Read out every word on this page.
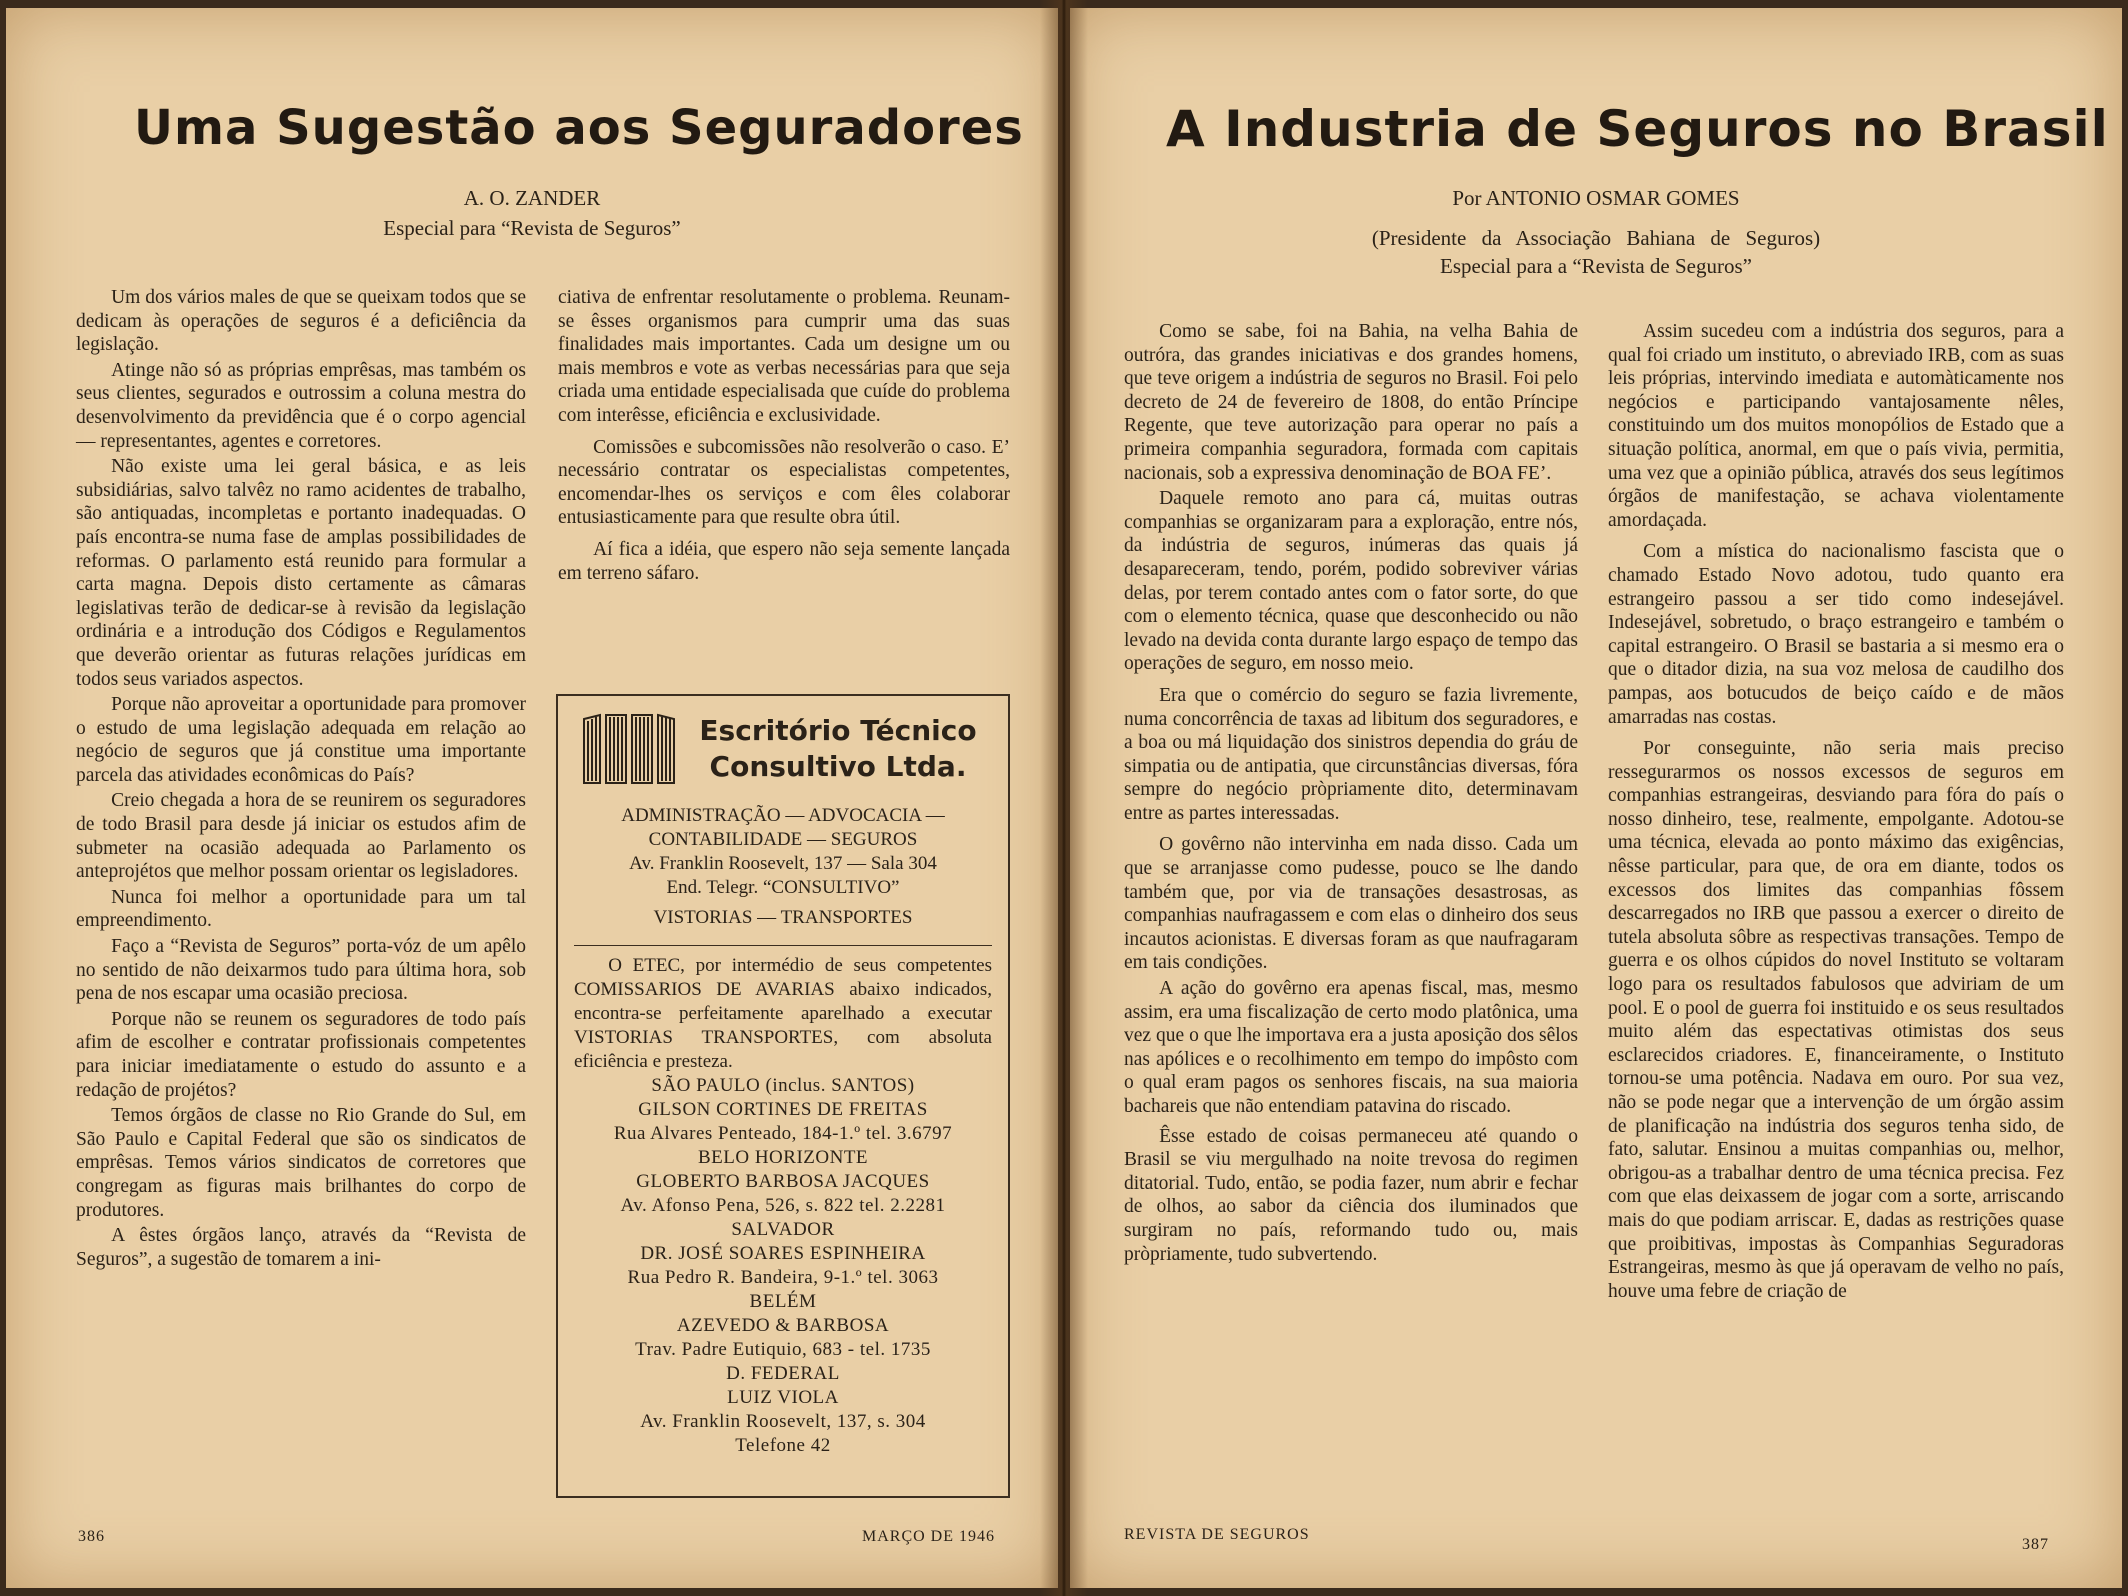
Uma Sugestão aos Seguradores
A. O. ZANDER
Especial para “Revista de Seguros”

Um dos vários males de que se queixam todos que se dedicam às operações de seguros é a deficiência da legislação.

Atinge não só as próprias emprêsas, mas também os seus clientes, segurados e outrossim a coluna mestra do desenvolvimento da previdência que é o corpo agencial — representantes, agentes e corretores.

Não existe uma lei geral básica, e as leis subsidiárias, salvo talvêz no ramo acidentes de trabalho, são antiquadas, incompletas e portanto inadequadas. O país encontra-se numa fase de amplas possibilidades de reformas. O parlamento está reunido para formular a carta magna. Depois disto certamente as câmaras legislativas terão de dedicar-se à revisão da legislação ordinária e a introdução dos Códigos e Regulamentos que deverão orientar as futuras relações jurídicas em todos seus variados aspectos.

Porque não aproveitar a oportunidade para promover o estudo de uma legislação adequada em relação ao negócio de seguros que já constitue uma importante parcela das atividades econômicas do País?

Creio chegada a hora de se reunirem os seguradores de todo Brasil para desde já iniciar os estudos afim de submeter na ocasião adequada ao Parlamento os anteprojétos que melhor possam orientar os legisladores.

Nunca foi melhor a oportunidade para um tal empreendimento.

Faço a “Revista de Seguros” porta-vóz de um apêlo no sentido de não deixarmos tudo para última hora, sob pena de nos escapar uma ocasião preciosa.

Porque não se reunem os seguradores de todo país afim de escolher e contratar profissionais competentes para iniciar imediatamente o estudo do assunto e a redação de projétos?

Temos órgãos de classe no Rio Grande do Sul, em São Paulo e Capital Federal que são os sindicatos de emprêsas. Temos vários sindicatos de corretores que congregam as figuras mais brilhantes do corpo de produtores.

A êstes órgãos lanço, através da “Revista de Seguros”, a sugestão de tomarem a ini-

ciativa de enfrentar resolutamente o problema. Reunam-se êsses organismos para cumprir uma das suas finalidades mais importantes. Cada um designe um ou mais membros e vote as verbas necessárias para que seja criada uma entidade especialisada que cuíde do problema com interêsse, eficiência e exclusividade.

Comissões e subcomissões não resolverão o caso. E’ necessário contratar os especialistas competentes, encomendar-lhes os serviços e com êles colaborar entusiasticamente para que resulte obra útil.

Aí fica a idéia, que espero não seja semente lançada em terreno sáfaro.

Escritório Técnico
Consultivo Ltda.
ADMINISTRAÇÃO — ADVOCACIA —
CONTABILIDADE — SEGUROS
Av. Franklin Roosevelt, 137 — Sala 304
End. Telegr. “CONSULTIVO”
VISTORIAS — TRANSPORTES
O ETEC, por intermédio de seus competentes COMISSARIOS DE AVARIAS abaixo indicados, encontra-se perfeitamente aparelhado a executar VISTORIAS TRANSPORTES, com absoluta eficiência e presteza.
SÃO PAULO (inclus. SANTOS)
GILSON CORTINES DE FREITAS
Rua Alvares Penteado, 184-1.º tel. 3.6797
BELO HORIZONTE
GLOBERTO BARBOSA JACQUES
Av. Afonso Pena, 526, s. 822 tel. 2.2281
SALVADOR
DR. JOSÉ SOARES ESPINHEIRA
Rua Pedro R. Bandeira, 9-1.º tel. 3063
BELÉM
AZEVEDO & BARBOSA
Trav. Padre Eutiquio, 683 - tel. 1735
D. FEDERAL
LUIZ VIOLA
Av. Franklin Roosevelt, 137, s. 304
Telefone 42
386	MARÇO DE 1946
A Industria de Seguros no Brasil
Por ANTONIO OSMAR GOMES
(Presidente da Associação Bahiana de Seguros)
Especial para a “Revista de Seguros”

Como se sabe, foi na Bahia, na velha Bahia de outróra, das grandes iniciativas e dos grandes homens, que teve origem a indústria de seguros no Brasil. Foi pelo decreto de 24 de fevereiro de 1808, do então Príncipe Regente, que teve autorização para operar no país a primeira companhia seguradora, formada com capitais nacionais, sob a expressiva denominação de BOA FE’.

Daquele remoto ano para cá, muitas outras companhias se organizaram para a exploração, entre nós, da indústria de seguros, inúmeras das quais já desapareceram, tendo, porém, podido sobreviver várias delas, por terem contado antes com o fator sorte, do que com o elemento técnica, quase que desconhecido ou não levado na devida conta durante largo espaço de tempo das operações de seguro, em nosso meio.

Era que o comércio do seguro se fazia livremente, numa concorrência de taxas ad libitum dos seguradores, e a boa ou má liquidação dos sinistros dependia do gráu de simpatia ou de antipatia, que circunstâncias diversas, fóra sempre do negócio pròpriamente dito, determinavam entre as partes interessadas.

O govêrno não intervinha em nada disso. Cada um que se arranjasse como pudesse, pouco se lhe dando também que, por via de transações desastrosas, as companhias naufragassem e com elas o dinheiro dos seus incautos acionistas. E diversas foram as que naufragaram em tais condições.

A ação do govêrno era apenas fiscal, mas, mesmo assim, era uma fiscalização de certo modo platônica, uma vez que o que lhe importava era a justa aposição dos sêlos nas apólices e o recolhimento em tempo do impôsto com o qual eram pagos os senhores fiscais, na sua maioria bachareis que não entendiam patavina do riscado.

Êsse estado de coisas permaneceu até quando o Brasil se viu mergulhado na noite trevosa do regimen ditatorial. Tudo, então, se podia fazer, num abrir e fechar de olhos, ao sabor da ciência dos iluminados que surgiram no país, reformando tudo ou, mais pròpriamente, tudo subvertendo.

Assim sucedeu com a indústria dos seguros, para a qual foi criado um instituto, o abreviado IRB, com as suas leis próprias, intervindo imediata e automàticamente nos negócios e participando vantajosamente nêles, constituindo um dos muitos monopólios de Estado que a situação política, anormal, em que o país vivia, permitia, uma vez que a opinião pública, através dos seus legítimos órgãos de manifestação, se achava violentamente amordaçada.

Com a mística do nacionalismo fascista que o chamado Estado Novo adotou, tudo quanto era estrangeiro passou a ser tido como indesejável. Indesejável, sobretudo, o braço estrangeiro e também o capital estrangeiro. O Brasil se bastaria a si mesmo era o que o ditador dizia, na sua voz melosa de caudilho dos pampas, aos botucudos de beiço caído e de mãos amarradas nas costas.

Por conseguinte, não seria mais preciso ressegurarmos os nossos excessos de seguros em companhias estrangeiras, desviando para fóra do país o nosso dinheiro, tese, realmente, empolgante. Adotou-se uma técnica, elevada ao ponto máximo das exigências, nêsse particular, para que, de ora em diante, todos os excessos dos limites das companhias fôssem descarregados no IRB que passou a exercer o direito de tutela absoluta sôbre as respectivas transações. Tempo de guerra e os olhos cúpidos do novel Instituto se voltaram logo para os resultados fabulosos que adviriam de um pool. E o pool de guerra foi instituido e os seus resultados muito além das espectativas otimistas dos seus esclarecidos criadores. E, financeiramente, o Instituto tornou-se uma potência. Nadava em ouro. Por sua vez, não se pode negar que a intervenção de um órgão assim de planificação na indústria dos seguros tenha sido, de fato, salutar. Ensinou a muitas companhias ou, melhor, obrigou-as a trabalhar dentro de uma técnica precisa. Fez com que elas deixassem de jogar com a sorte, arriscando mais do que podiam arriscar. E, dadas as restrições quase que proibitivas, impostas às Companhias Seguradoras Estrangeiras, mesmo às que já operavam de velho no país, houve uma febre de criação de

REVISTA DE SEGUROS
387
